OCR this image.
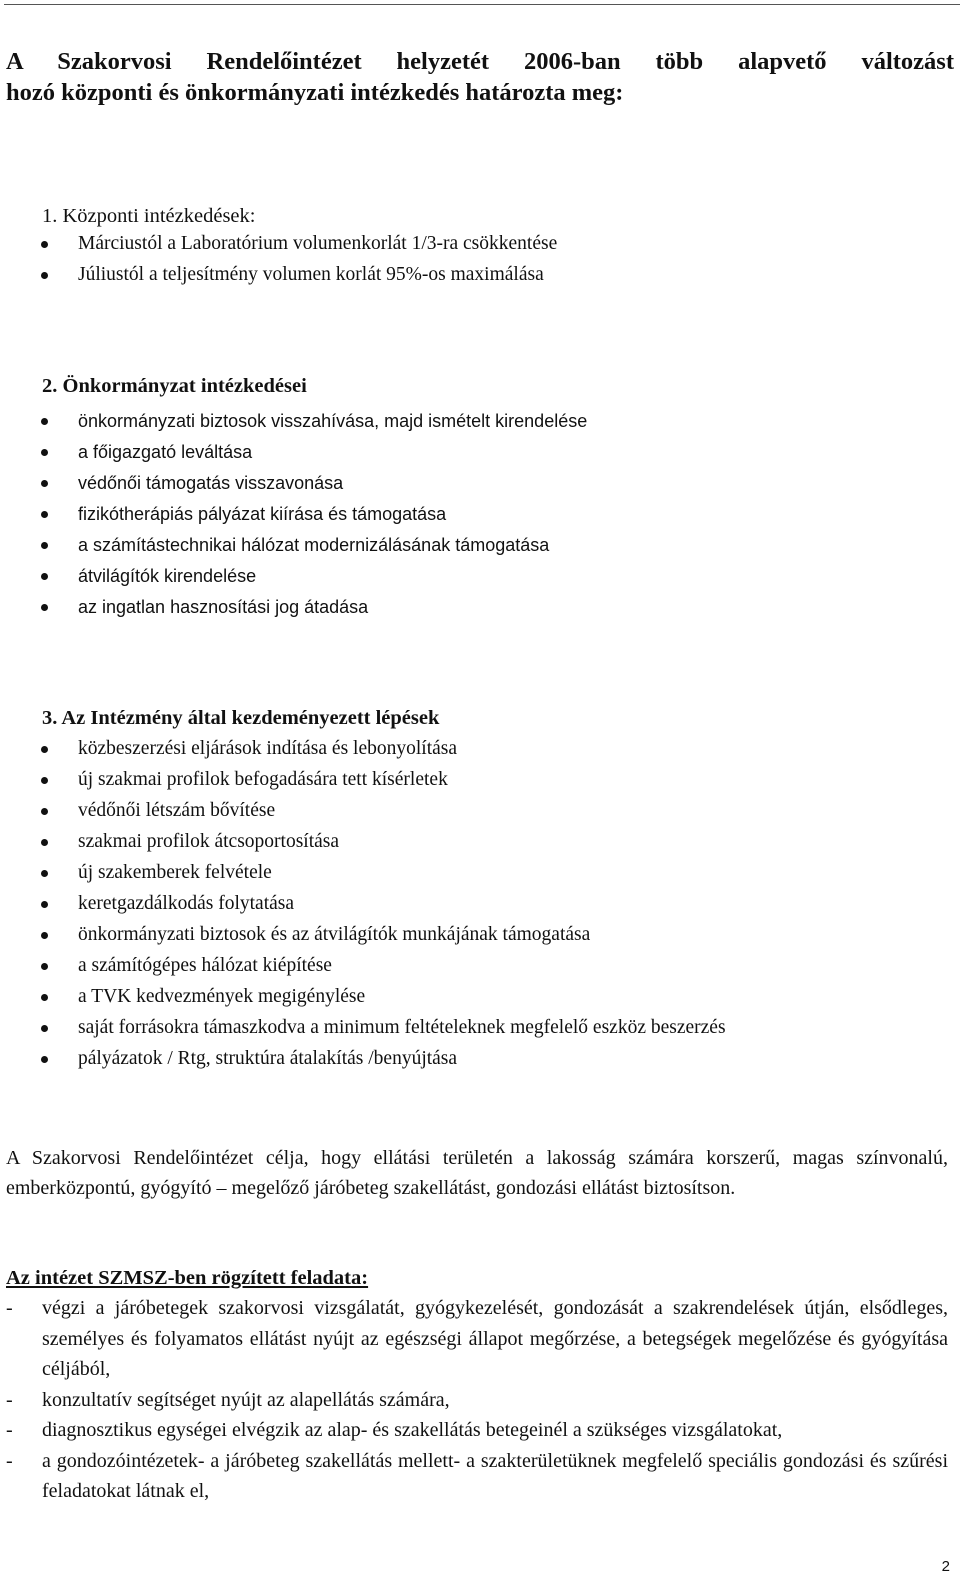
A Szakorvosi Rendelőintézet helyzetét 2006-ban több alapvető változást
hozó központi és önkormányzati intézkedés határozta meg:

1. Központi intézkedések:

Márciustól a Laboratórium volumenkorlát 1/3-ra csökkentése
Júliustól a teljesítmény volumen korlát 95%-os maximálása

2. Önkormányzat intézkedései

önkormányzati biztosok visszahívása, majd ismételt kirendelése
a főigazgató leváltása
védőnői támogatás visszavonása
fizikótherápiás pályázat kiírása és támogatása
a számítástechnikai hálózat modernizálásának támogatása
átvilágítók kirendelése
az ingatlan hasznosítási jog átadása

3. Az Intézmény által kezdeményezett lépések

közbeszerzési eljárások indítása és lebonyolítása
új szakmai profilok befogadására tett kísérletek
védőnői létszám bővítése
szakmai profilok átcsoportosítása
új szakemberek felvétele
keretgazdálkodás folytatása
önkormányzati biztosok és az átvilágítók munkájának támogatása
a számítógépes hálózat kiépítése
a TVK kedvezmények megigénylése
saját forrásokra támaszkodva a minimum feltételeknek megfelelő eszköz beszerzés
pályázatok / Rtg, struktúra átalakítás /benyújtása

A Szakorvosi Rendelőintézet célja, hogy ellátási területén a lakosság számára korszerű, magas színvonalú, emberközpontú, gyógyító – megelőző járóbeteg szakellátást, gondozási ellátást biztosítson.

Az intézet SZMSZ-ben rögzített feladata:

- végzi a járóbetegek szakorvosi vizsgálatát, gyógykezelését, gondozását a szakrendelések útján, elsődleges, személyes és folyamatos ellátást nyújt az egészségi állapot megőrzése, a betegségek megelőzése és gyógyítása céljából,
- konzultatív segítséget nyújt az alapellátás számára,
- diagnosztikus egységei elvégzik az alap- és szakellátás betegeinél a szükséges vizsgálatokat,
- a gondozóintézetek- a járóbeteg szakellátás mellett- a szakterületüknek megfelelő speciális gondozási és szűrési feladatokat látnak el,
2
